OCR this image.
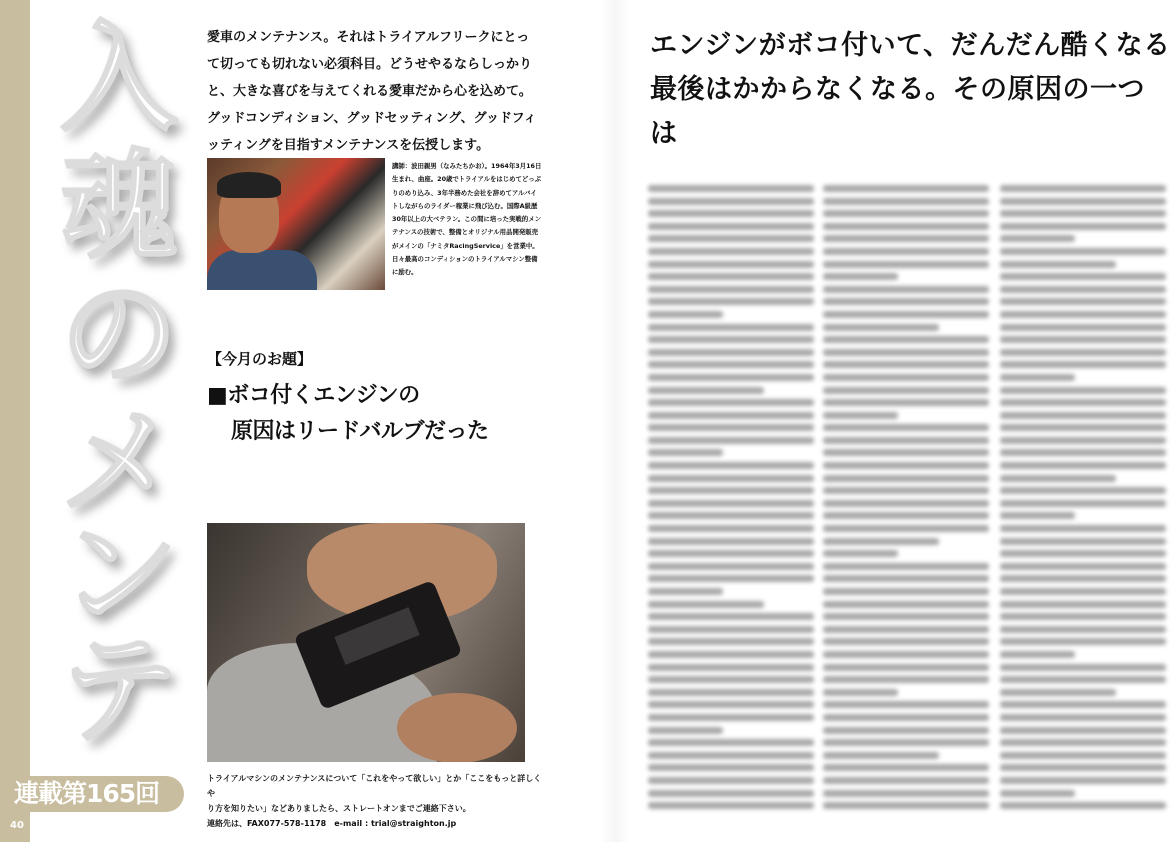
40
入
魂
の
メ
ン
テ
連載第165回
愛車のメンテナンス。それはトライアルフリークにとって切っても切れない必須科目。どうせやるならしっかりと、大きな喜びを与えてくれる愛車だから心を込めて。グッドコンディション、グッドセッティング、グッドフィッティングを目指すメンテナンスを伝授します。
講師：波田親男（なみたちかお）。1964年3月16日生まれ、曲座。20歳でトライアルをはじめてどっぷりのめり込み、3年半務めた会社を辞めてアルバイトしながらのライダー稼業に飛び込む。国際A級歴30年以上の大ベテラン。この間に培った実戦的メンテナンスの技術で、整備とオリジナル用品開発販売がメインの「ナミタRacingService」を営業中。日々最高のコンディションのトライアルマシン整備に励む。
【今月のお題】
■ボコ付くエンジンの
原因はリードバルブだった
トライアルマシンのメンテナンスについて「これをやって欲しい」とか「ここをもっと詳しくや
り方を知りたい」などありましたら、ストレートオンまでご連絡下さい。
連絡先は、FAX077-578-1178　e-mail : trial@straighton.jp
エンジンがボコ付いて、だんだん酷くなる
最後はかからなくなる。その原因の一つは
